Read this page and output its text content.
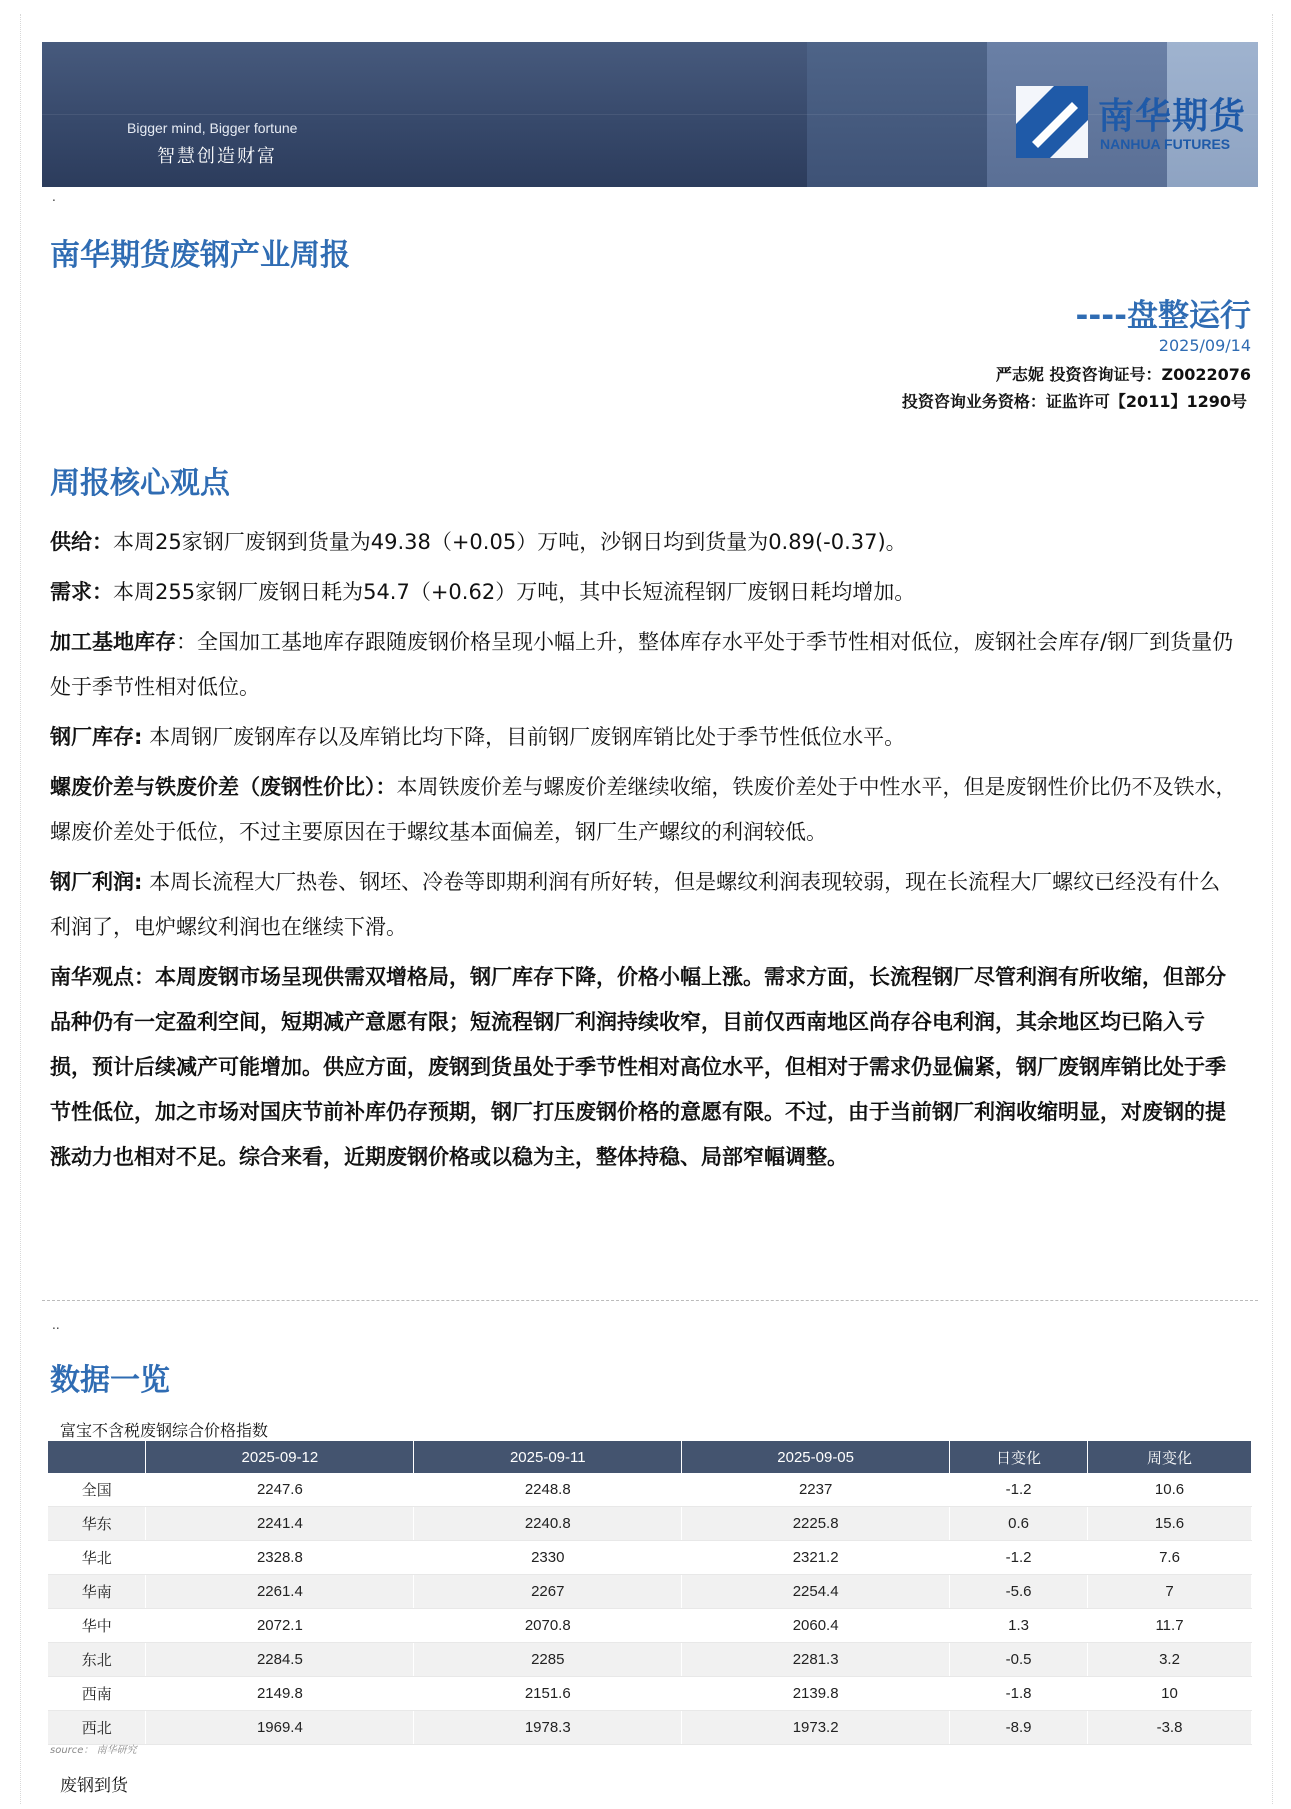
Bigger mind, Bigger fortune
智慧创造财富
南华期货
NANHUA FUTURES
.
南华期货废钢产业周报
----盘整运行
2025/09/14
严志妮 投资咨询证号：Z0022076
投资咨询业务资格：证监许可【2011】1290号
周报核心观点

供给：本周25家钢厂废钢到货量为49.38（+0.05）万吨，沙钢日均到货量为0.89(-0.37)。

需求：本周255家钢厂废钢日耗为54.7（+0.62）万吨，其中长短流程钢厂废钢日耗均增加。

加工基地库存：全国加工基地库存跟随废钢价格呈现小幅上升，整体库存水平处于季节性相对低位，废钢社会库存/钢厂到货量仍处于季节性相对低位。

钢厂库存: 本周钢厂废钢库存以及库销比均下降，目前钢厂废钢库销比处于季节性低位水平。

螺废价差与铁废价差（废钢性价比）：本周铁废价差与螺废价差继续收缩，铁废价差处于中性水平，但是废钢性价比仍不及铁水，螺废价差处于低位，不过主要原因在于螺纹基本面偏差，钢厂生产螺纹的利润较低。

钢厂利润: 本周长流程大厂热卷、钢坯、冷卷等即期利润有所好转，但是螺纹利润表现较弱，现在长流程大厂螺纹已经没有什么利润了，电炉螺纹利润也在继续下滑。

南华观点：本周废钢市场呈现供需双增格局，钢厂库存下降，价格小幅上涨。需求方面，长流程钢厂尽管利润有所收缩，但部分品种仍有一定盈利空间，短期减产意愿有限；短流程钢厂利润持续收窄，目前仅西南地区尚存谷电利润，其余地区均已陷入亏损，预计后续减产可能增加。供应方面，废钢到货虽处于季节性相对高位水平，但相对于需求仍显偏紧，钢厂废钢库销比处于季节性低位，加之市场对国庆节前补库仍存预期，钢厂打压废钢价格的意愿有限。不过，由于当前钢厂利润收缩明显，对废钢的提涨动力也相对不足。综合来看，近期废钢价格或以稳为主，整体持稳、局部窄幅调整。

..
数据一览
富宝不含税废钢综合价格指数
	2025-09-12	2025-09-11	2025-09-05	日变化	周变化
全国	2247.6	2248.8	2237	-1.2	10.6
华东	2241.4	2240.8	2225.8	0.6	15.6
华北	2328.8	2330	2321.2	-1.2	7.6
华南	2261.4	2267	2254.4	-5.6	7
华中	2072.1	2070.8	2060.4	1.3	11.7
东北	2284.5	2285	2281.3	-0.5	3.2
西南	2149.8	2151.6	2139.8	-1.8	10
西北	1969.4	1978.3	1973.2	-8.9	-3.8
source： 南华研究
废钢到货
